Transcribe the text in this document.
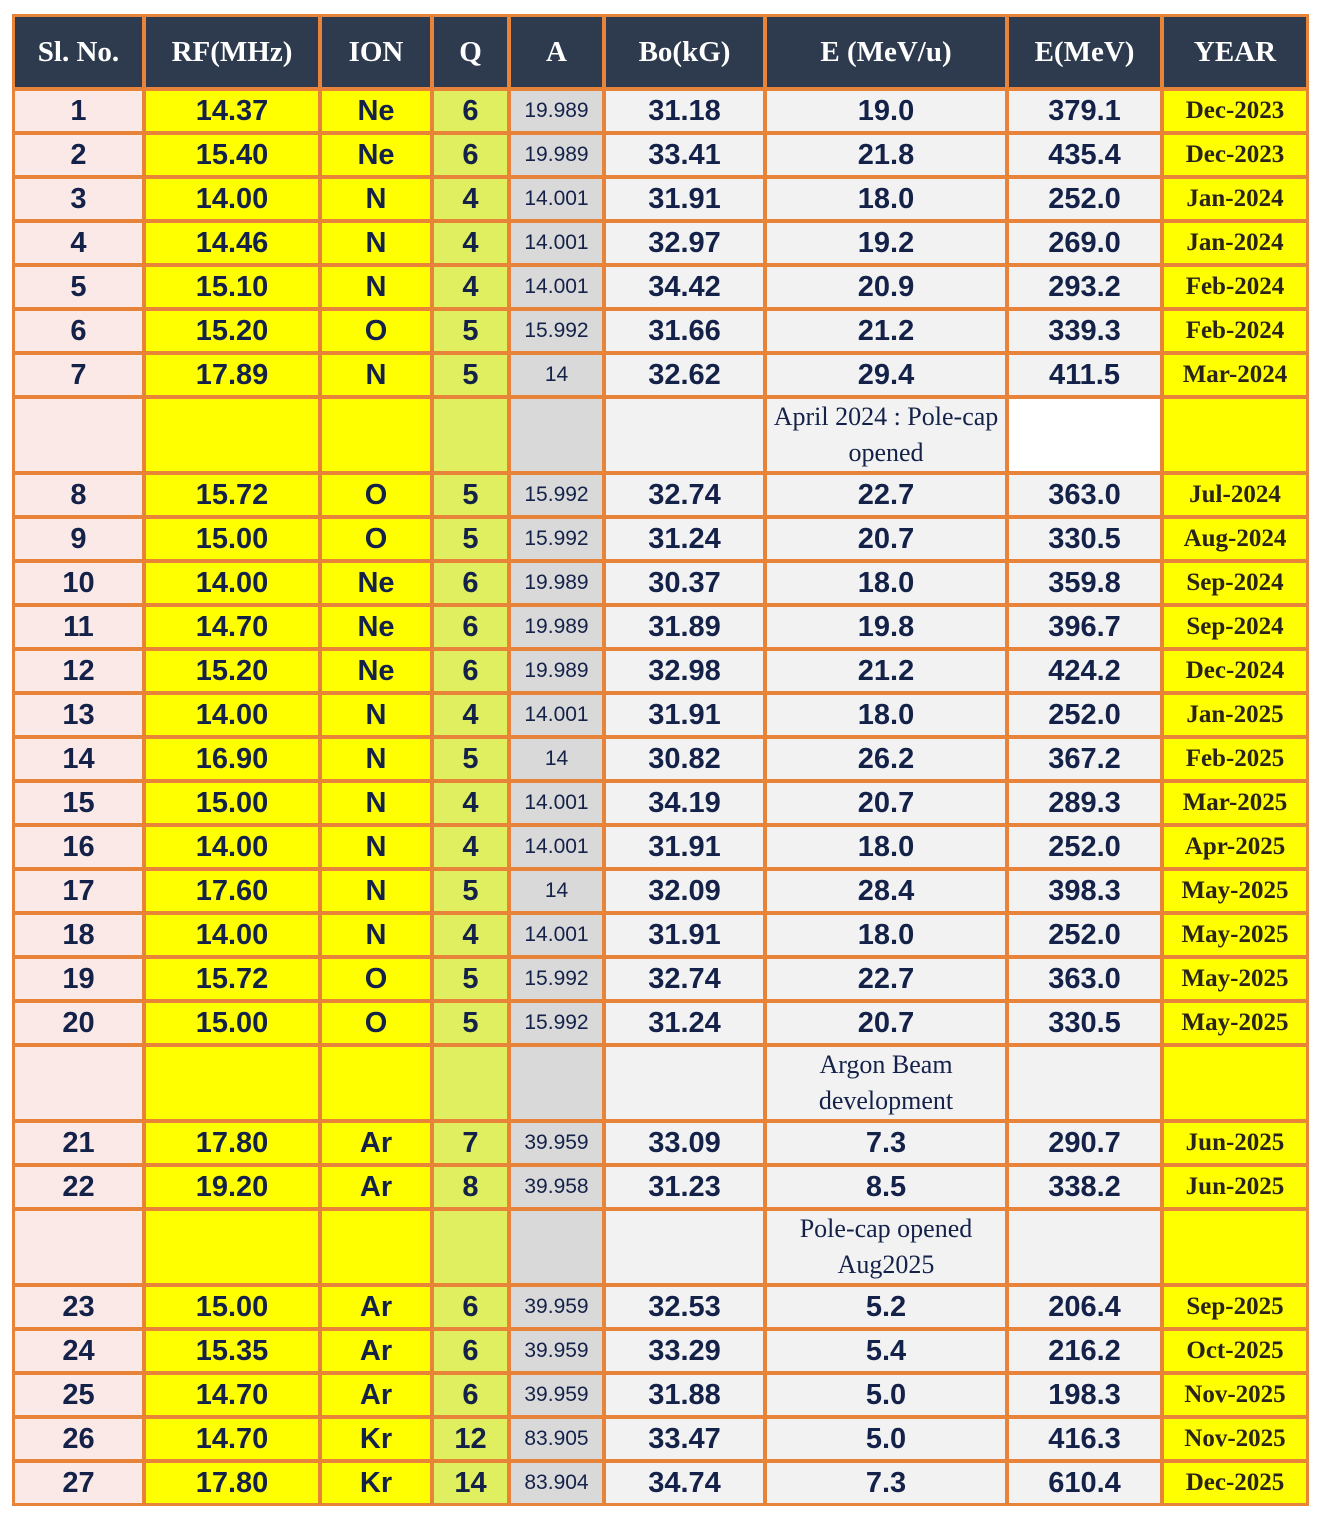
Sl. No.	RF(MHz)	ION	Q	A	Bo(kG)	E (MeV/u)	E(MeV)	YEAR
1	14.37	Ne	6	19.989	31.18	19.0	379.1	Dec-2023
2	15.40	Ne	6	19.989	33.41	21.8	435.4	Dec-2023
3	14.00	N	4	14.001	31.91	18.0	252.0	Jan-2024
4	14.46	N	4	14.001	32.97	19.2	269.0	Jan-2024
5	15.10	N	4	14.001	34.42	20.9	293.2	Feb-2024
6	15.20	O	5	15.992	31.66	21.2	339.3	Feb-2024
7	17.89	N	5	14	32.62	29.4	411.5	Mar-2024
						April 2024 : Pole-cap opened		
8	15.72	O	5	15.992	32.74	22.7	363.0	Jul-2024
9	15.00	O	5	15.992	31.24	20.7	330.5	Aug-2024
10	14.00	Ne	6	19.989	30.37	18.0	359.8	Sep-2024
11	14.70	Ne	6	19.989	31.89	19.8	396.7	Sep-2024
12	15.20	Ne	6	19.989	32.98	21.2	424.2	Dec-2024
13	14.00	N	4	14.001	31.91	18.0	252.0	Jan-2025
14	16.90	N	5	14	30.82	26.2	367.2	Feb-2025
15	15.00	N	4	14.001	34.19	20.7	289.3	Mar-2025
16	14.00	N	4	14.001	31.91	18.0	252.0	Apr-2025
17	17.60	N	5	14	32.09	28.4	398.3	May-2025
18	14.00	N	4	14.001	31.91	18.0	252.0	May-2025
19	15.72	O	5	15.992	32.74	22.7	363.0	May-2025
20	15.00	O	5	15.992	31.24	20.7	330.5	May-2025
						Argon Beam development		
21	17.80	Ar	7	39.959	33.09	7.3	290.7	Jun-2025
22	19.20	Ar	8	39.958	31.23	8.5	338.2	Jun-2025
						Pole-cap opened Aug2025		
23	15.00	Ar	6	39.959	32.53	5.2	206.4	Sep-2025
24	15.35	Ar	6	39.959	33.29	5.4	216.2	Oct-2025
25	14.70	Ar	6	39.959	31.88	5.0	198.3	Nov-2025
26	14.70	Kr	12	83.905	33.47	5.0	416.3	Nov-2025
27	17.80	Kr	14	83.904	34.74	7.3	610.4	Dec-2025
